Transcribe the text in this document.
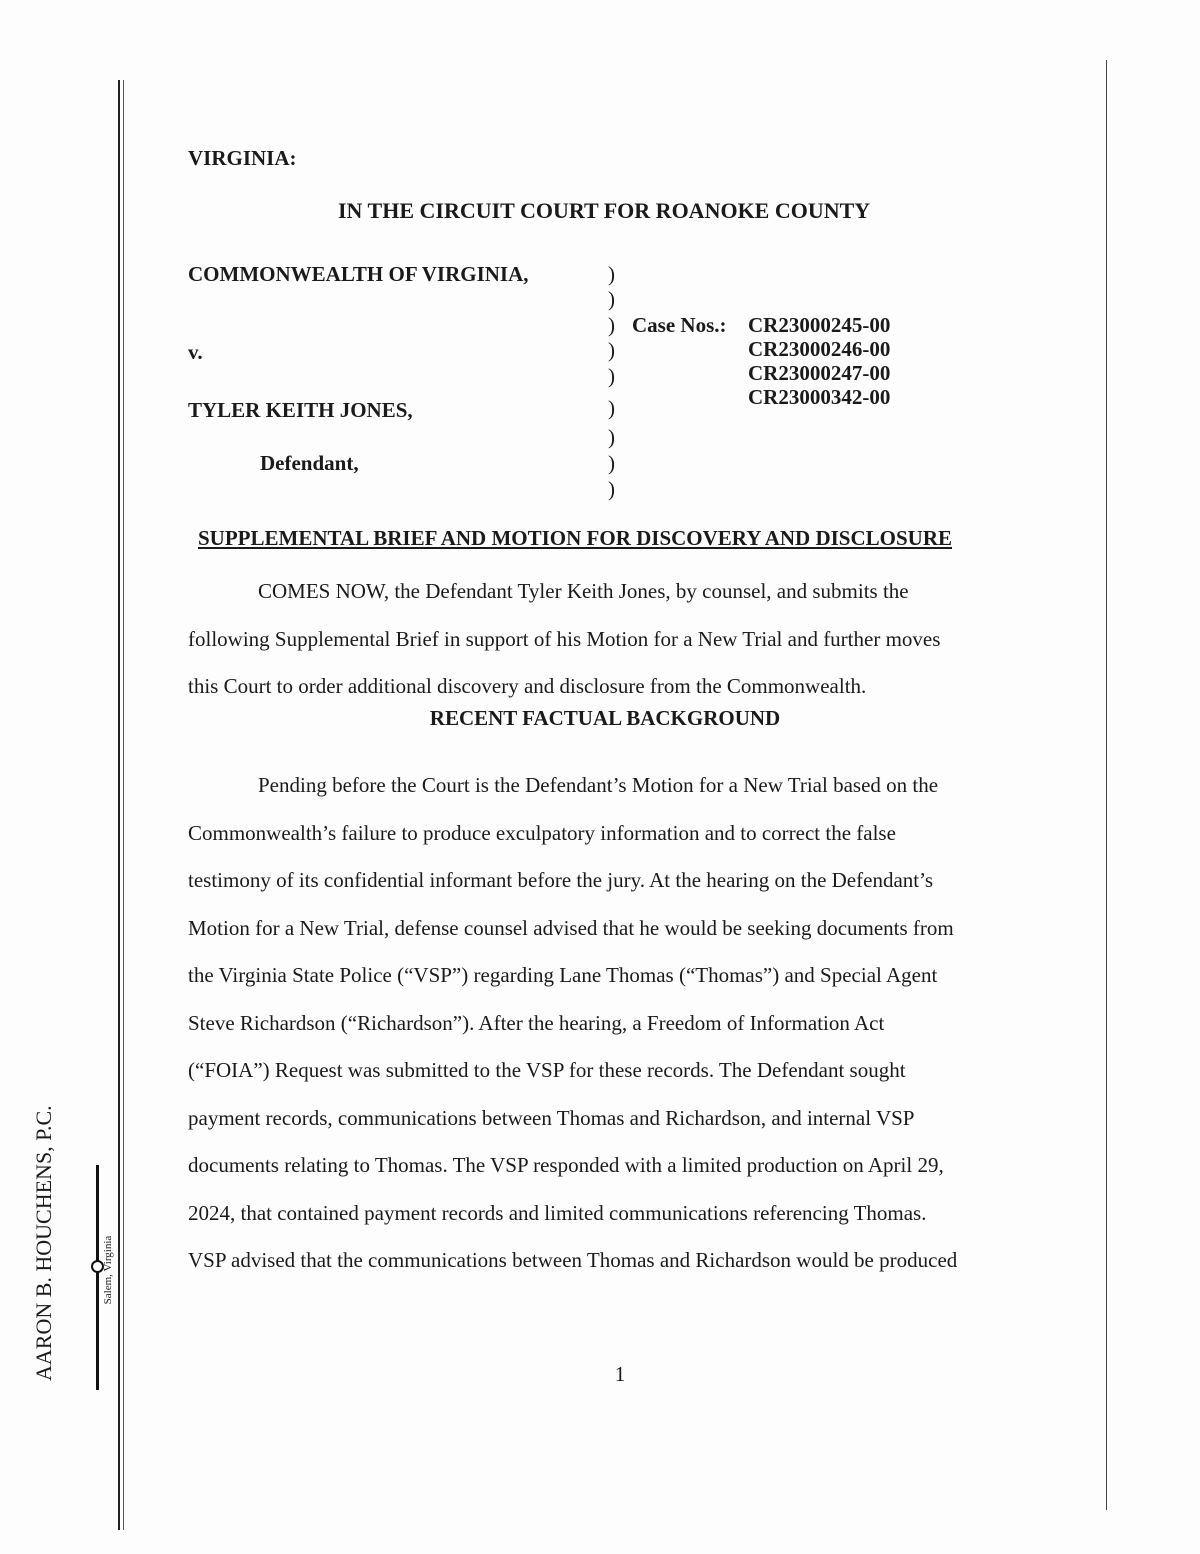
AARON B. HOUCHENS, P.C.	Salem, Virginia
VIRGINIA:
IN THE CIRCUIT COURT FOR ROANOKE COUNTY
COMMONWEALTH OF VIRGINIA,
v.
TYLER KEITH JONES,
Defendant,
)
)
)
)
)
)
)
)
)
Case Nos.: CR23000245-00
CR23000246-00
CR23000247-00
CR23000342-00
SUPPLEMENTAL BRIEF AND MOTION FOR DISCOVERY AND DISCLOSURE
COMES NOW, the Defendant Tyler Keith Jones, by counsel, and submits the
following Supplemental Brief in support of his Motion for a New Trial and further moves
this Court to order additional discovery and disclosure from the Commonwealth.
RECENT FACTUAL BACKGROUND
Pending before the Court is the Defendant’s Motion for a New Trial based on the
Commonwealth’s failure to produce exculpatory information and to correct the false
testimony of its confidential informant before the jury. At the hearing on the Defendant’s
Motion for a New Trial, defense counsel advised that he would be seeking documents from
the Virginia State Police (“VSP”) regarding Lane Thomas (“Thomas”) and Special Agent
Steve Richardson (“Richardson”). After the hearing, a Freedom of Information Act
(“FOIA”) Request was submitted to the VSP for these records. The Defendant sought
payment records, communications between Thomas and Richardson, and internal VSP
documents relating to Thomas. The VSP responded with a limited production on April 29,
2024, that contained payment records and limited communications referencing Thomas.
VSP advised that the communications between Thomas and Richardson would be produced
1
